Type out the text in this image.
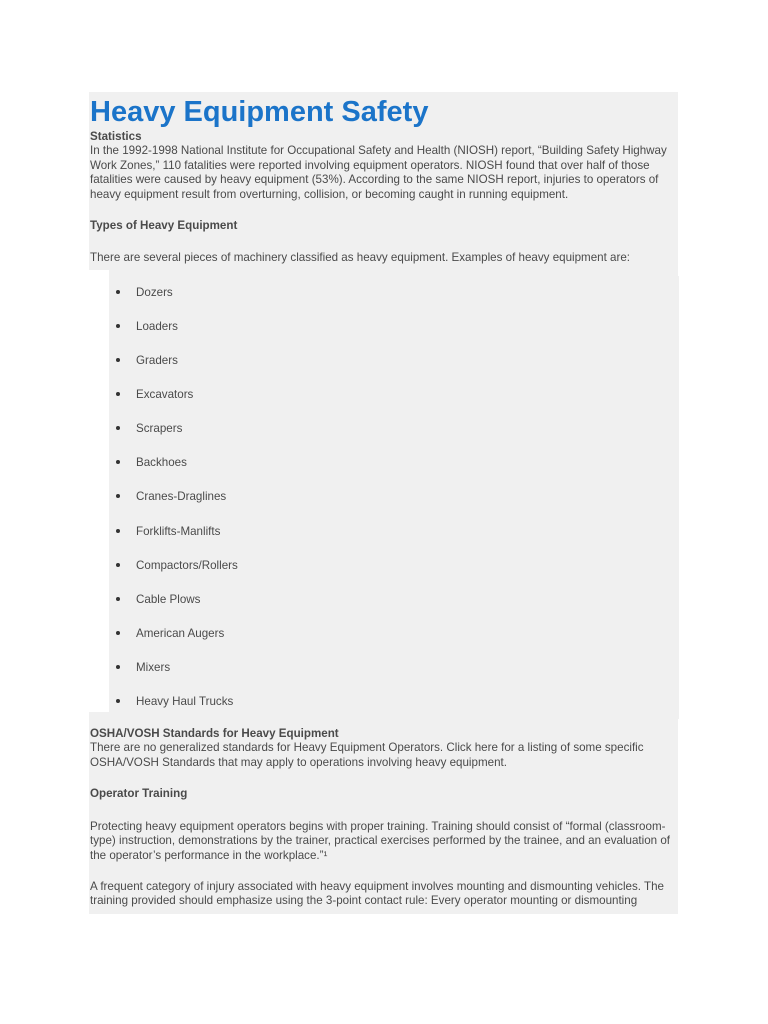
Heavy Equipment Safety

Statistics

In the 1992-1998 National Institute for Occupational Safety and Health (NIOSH) report, “Building Safety Highway Work Zones,” 110 fatalities were reported involving equipment operators. NIOSH found that over half of those fatalities were caused by heavy equipment (53%). According to the same NIOSH report, injuries to operators of heavy equipment result from overturning, collision, or becoming caught in running equipment.

Types of Heavy Equipment

There are several pieces of machinery classified as heavy equipment. Examples of heavy equipment are:

Dozers
Loaders
Graders
Excavators
Scrapers
Backhoes
Cranes-Draglines
Forklifts-Manlifts
Compactors/Rollers
Cable Plows
American Augers
Mixers
Heavy Haul Trucks

OSHA/VOSH Standards for Heavy Equipment

There are no generalized standards for Heavy Equipment Operators. Click here for a listing of some specific OSHA/VOSH Standards that may apply to operations involving heavy equipment.

Operator Training

Protecting heavy equipment operators begins with proper training. Training should consist of “formal (classroom-type) instruction, demonstrations by the trainer, practical exercises performed by the trainee, and an evaluation of the operator’s performance in the workplace.”¹

A frequent category of injury associated with heavy equipment involves mounting and dismounting vehicles. The training provided should emphasize using the 3-point contact rule: Every operator mounting or dismounting
